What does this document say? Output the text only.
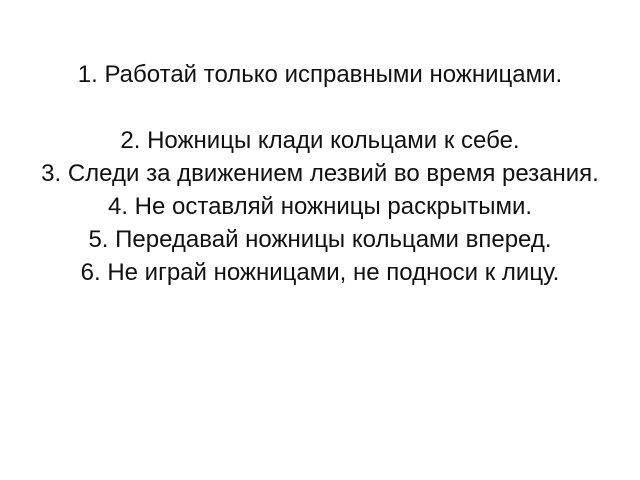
1. Работай только исправными ножницами.
2. Ножницы клади кольцами к себе.
3. Следи за движением лезвий во время резания.
4. Не оставляй ножницы раскрытыми.
5. Передавай ножницы кольцами вперед.
6. Не играй ножницами, не подноси к лицу.
